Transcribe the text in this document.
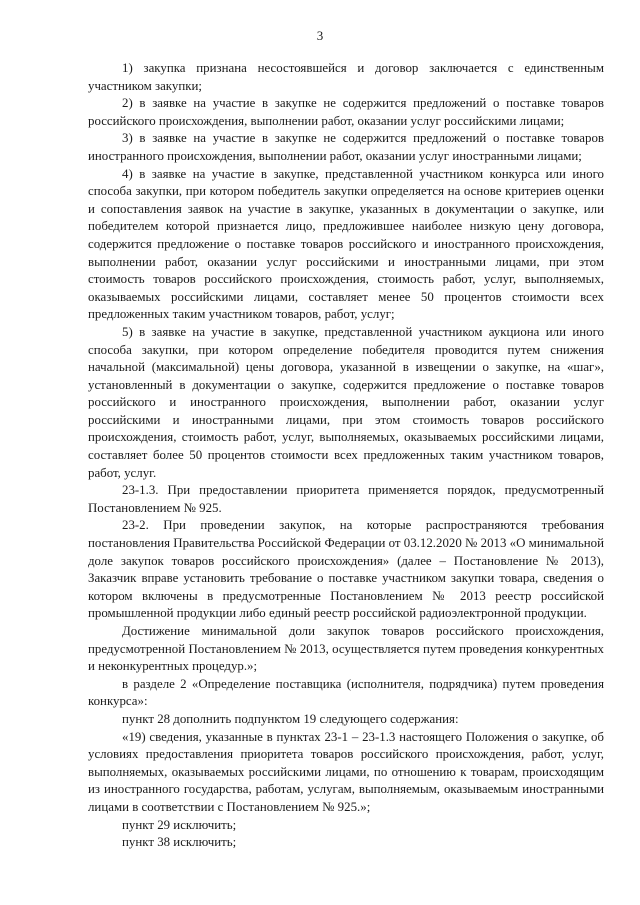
3

1) закупка признана несостоявшейся и договор заключается с единственным участником закупки;

2) в заявке на участие в закупке не содержится предложений о поставке товаров российского происхождения, выполнении работ, оказании услуг российскими лицами;

3) в заявке на участие в закупке не содержится предложений о поставке товаров иностранного происхождения, выполнении работ, оказании услуг иностранными лицами;

4) в заявке на участие в закупке, представленной участником конкурса или иного способа закупки, при котором победитель закупки определяется на основе критериев оценки и сопоставления заявок на участие в закупке, указанных в документации о закупке, или победителем которой признается лицо, предложившее наиболее низкую цену договора, содержится предложение о поставке товаров российского и иностранного происхождения, выполнении работ, оказании услуг российскими и иностранными лицами, при этом стоимость товаров российского происхождения, стоимость работ, услуг, выполняемых, оказываемых российскими лицами, составляет менее 50 процентов стоимости всех предложенных таким участником товаров, работ, услуг;

5) в заявке на участие в закупке, представленной участником аукциона или иного способа закупки, при котором определение победителя проводится путем снижения начальной (максимальной) цены договора, указанной в извещении о закупке, на «шаг», установленный в документации о закупке, содержится предложение о поставке товаров российского и иностранного происхождения, выполнении работ, оказании услуг российскими и иностранными лицами, при этом стоимость товаров российского происхождения, стоимость работ, услуг, выполняемых, оказываемых российскими лицами, составляет более 50 процентов стоимости всех предложенных таким участником товаров, работ, услуг.

23-1.3. При предоставлении приоритета применяется порядок, предусмотренный Постановлением № 925.

23-2. При проведении закупок, на которые распространяются требования постановления Правительства Российской Федерации от 03.12.2020 № 2013 «О минимальной доле закупок товаров российского происхождения» (далее – Постановление № 2013), Заказчик вправе установить требование о поставке участником закупки товара, сведения о котором включены в предусмотренные Постановлением № 2013 реестр российской промышленной продукции либо единый реестр российской радиоэлектронной продукции.

Достижение минимальной доли закупок товаров российского происхождения, предусмотренной Постановлением № 2013, осуществляется путем проведения конкурентных и неконкурентных процедур.»;

в разделе 2 «Определение поставщика (исполнителя, подрядчика) путем проведения конкурса»:

пункт 28 дополнить подпунктом 19 следующего содержания:

«19) сведения, указанные в пунктах 23-1 – 23-1.3 настоящего Положения о закупке, об условиях предоставления приоритета товаров российского происхождения, работ, услуг, выполняемых, оказываемых российскими лицами, по отношению к товарам, происходящим из иностранного государства, работам, услугам, выполняемым, оказываемым иностранными лицами в соответствии с Постановлением № 925.»;

пункт 29 исключить;

пункт 38 исключить;
